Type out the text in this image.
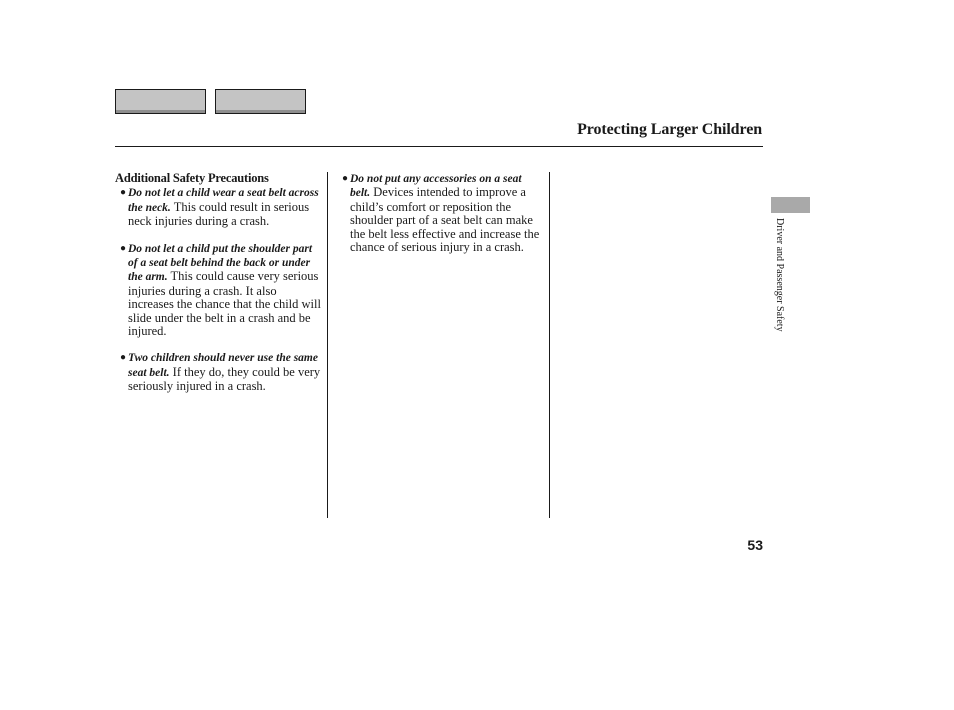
Protecting Larger Children
Additional Safety Precautions
● Do not let a child wear a seat belt across the neck. This could result in serious neck injuries during a crash.
● Do not let a child put the shoulder part of a seat belt behind the back or under the arm. This could cause very serious injuries during a crash. It also increases the chance that the child will slide under the belt in a crash and be injured.
● Two children should never use the same seat belt. If they do, they could be very seriously injured in a crash.
● Do not put any accessories on a seat belt. Devices intended to improve a child’s comfort or reposition the shoulder part of a seat belt can make the belt less effective and increase the chance of serious injury in a crash.	Driver and Passenger Safety
53
